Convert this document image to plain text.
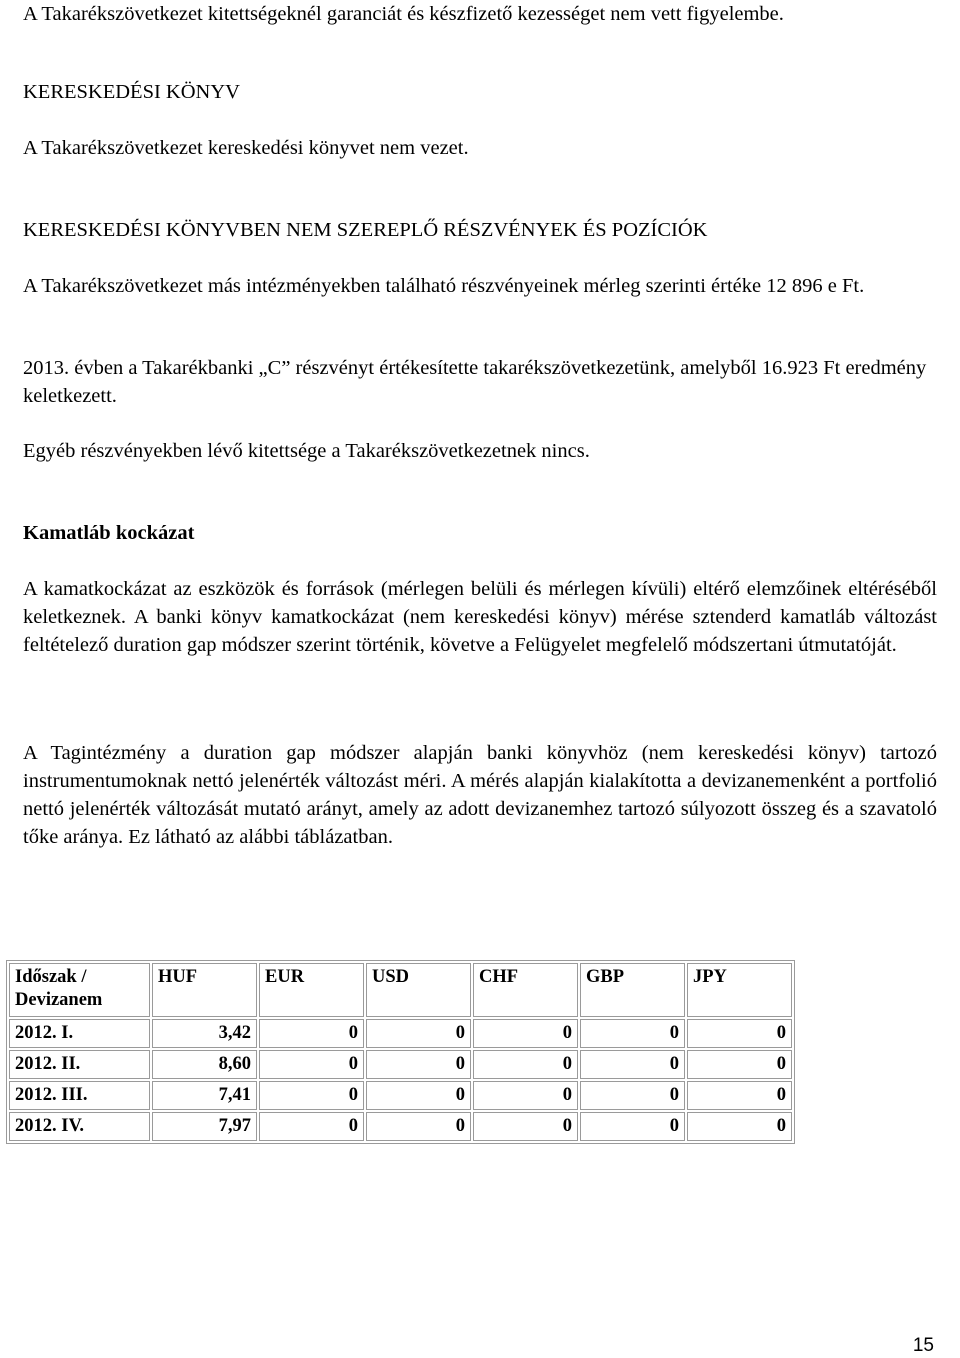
A Takarékszövetkezet kitettségeknél garanciát és készfizető kezességet nem vett figyelembe.

KERESKEDÉSI KÖNYV

A Takarékszövetkezet kereskedési könyvet nem vezet.

KERESKEDÉSI KÖNYVBEN NEM SZEREPLŐ RÉSZVÉNYEK ÉS POZÍCIÓK

A Takarékszövetkezet más intézményekben található részvényeinek mérleg szerinti értéke 12 896 e Ft.

2013. évben a Takarékbanki „C” részvényt értékesítette takarékszövetkezetünk, amelyből 16.923 Ft eredmény keletkezett.

Egyéb részvényekben lévő kitettsége a Takarékszövetkezetnek nincs.

Kamatláb kockázat

A kamatkockázat az eszközök és források (mérlegen belüli és mérlegen kívüli) eltérő elemzőinek eltéréséből keletkeznek. A banki könyv kamatkockázat (nem kereskedési könyv) mérése sztenderd kamatláb változást feltételező duration gap módszer szerint történik, követve a Felügyelet megfelelő módszertani útmutatóját.

A Tagintézmény a duration gap módszer alapján banki könyvhöz (nem kereskedési könyv) tartozó instrumentumoknak nettó jelenérték változást méri. A mérés alapján kialakította a devizanemenként a portfolió nettó jelenérték változását mutató arányt, amely az adott devizanemhez tartozó súlyozott összeg és a szavatoló tőke aránya. Ez látható az alábbi táblázatban.

Időszak / Devizanem	HUF	EUR	USD	CHF	GBP	JPY
2012. I.	3,42	0	0	0	0	0
2012. II.	8,60	0	0	0	0	0
2012. III.	7,41	0	0	0	0	0
2012. IV.	7,97	0	0	0	0	0
15
